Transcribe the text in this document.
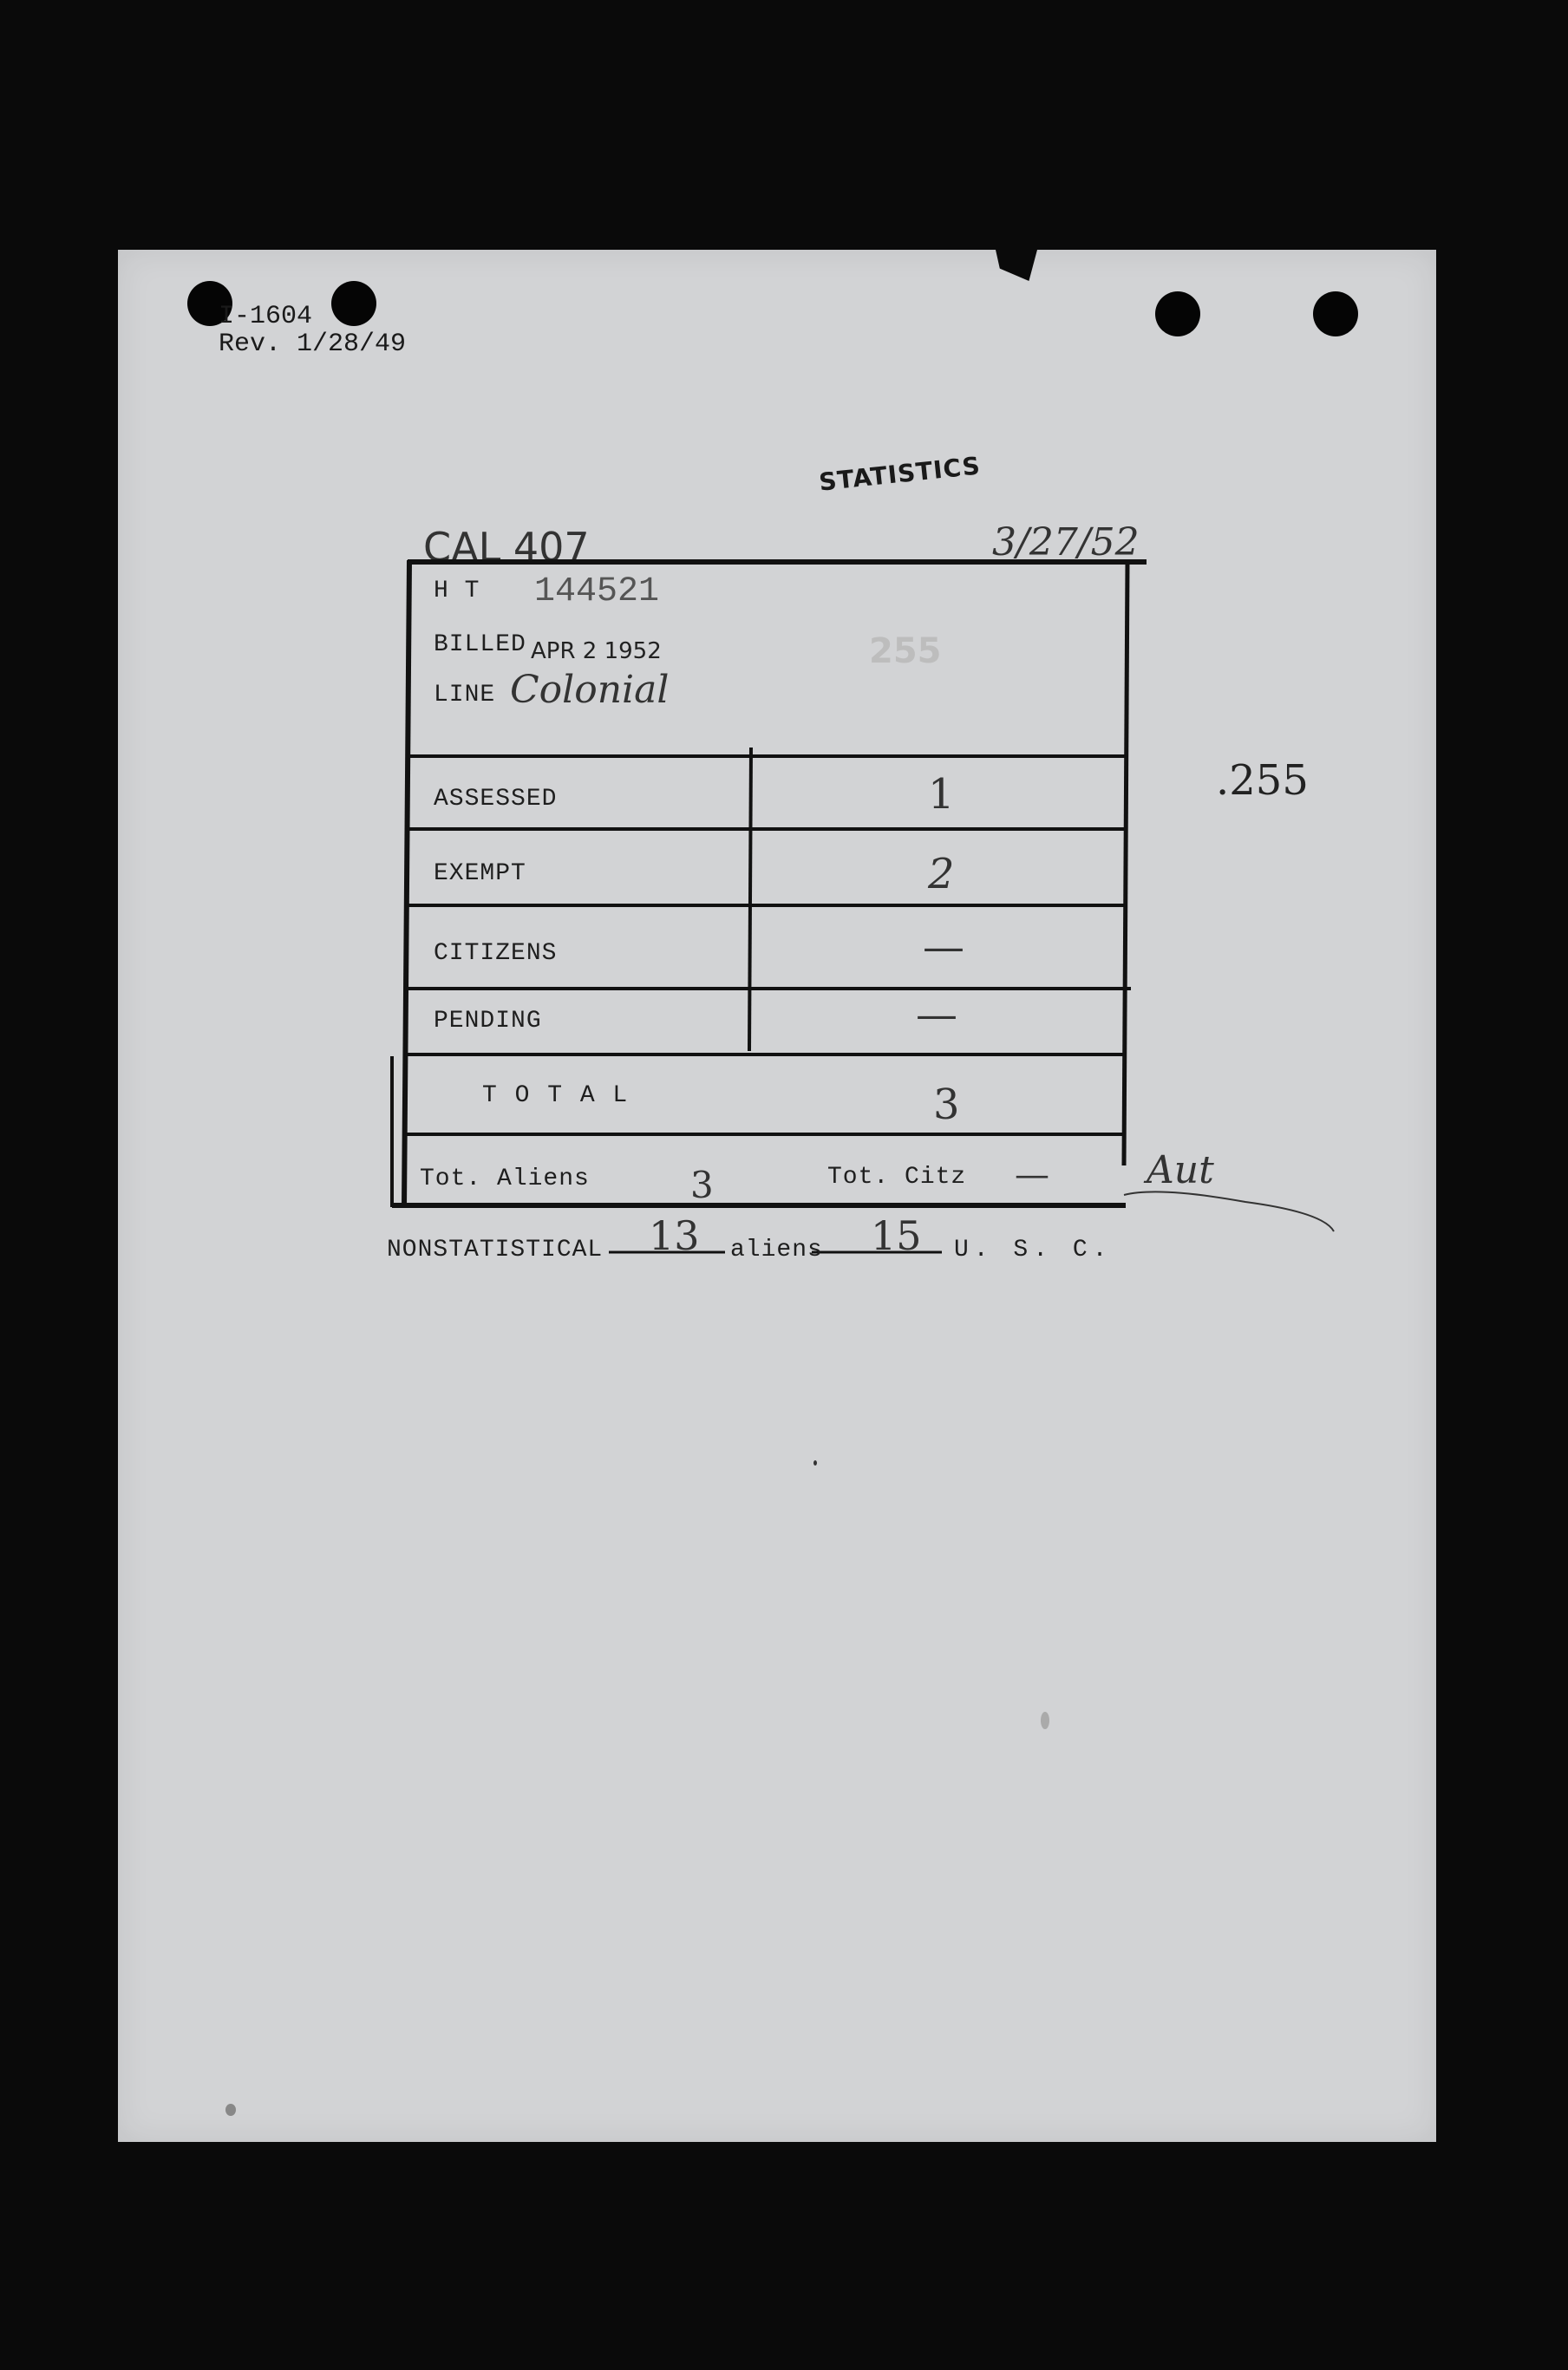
I-1604
Rev. 1/28/49
STATISTICS
CAL 407	3/27/52
H T 144521
BILLED APR 2 1952
LINE Colonial
255
.255
ASSESSED	1
EXEMPT	2
CITIZENS	—
PENDING	—
T O T A L	3
Tot. Aliens	3	Tot. Citz —	Aut
NONSTATISTICAL 13 aliens 15 U. S. C.
